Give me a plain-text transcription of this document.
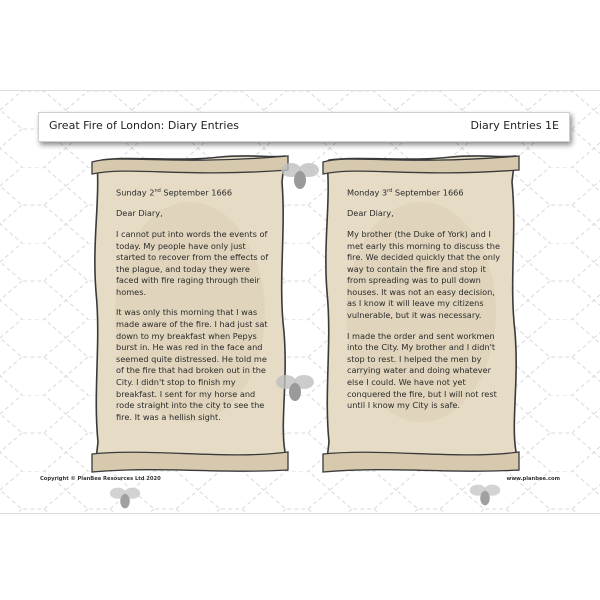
Great Fire of London: Diary Entries	Diary Entries 1E

Sunday 2nd September 1666

Dear Diary,

I cannot put into words the events of today. My people have only just started to recover from the effects of the plague, and today they were faced with fire raging through their homes.

It was only this morning that I was made aware of the fire. I had just sat down to my breakfast when Pepys burst in. He was red in the face and seemed quite distressed. He told me of the fire that had broken out in the City. I didn't stop to finish my breakfast. I sent for my horse and rode straight into the city to see the fire. It was a hellish sight.

Monday 3rd September 1666

Dear Diary,

My brother (the Duke of York) and I met early this morning to discuss the fire. We decided quickly that the only way to contain the fire and stop it from spreading was to pull down houses. It was not an easy decision, as I know it will leave my citizens vulnerable, but it was necessary.

I made the order and sent workmen into the City. My brother and I didn't stop to rest. I helped the men by carrying water and doing whatever else I could. We have not yet conquered the fire, but I will not rest until I know my City is safe.

Copyright © PlanBee Resources Ltd 2020	www.planbee.com
